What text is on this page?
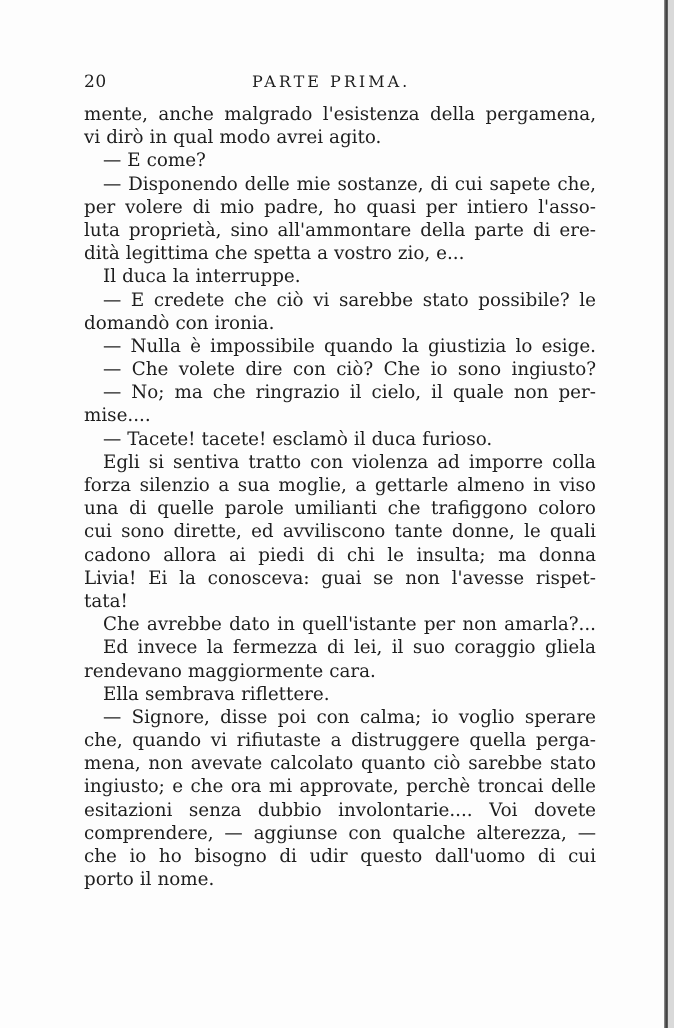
20	PARTE PRIMA.
mente, anche malgrado l'esistenza della pergamena,
vi dirò in qual modo avrei agito.
— E come?
— Disponendo delle mie sostanze, di cui sapete che,
per volere di mio padre, ho quasi per intiero l'asso-
luta proprietà, sino all'ammontare della parte di ere-
dità legittima che spetta a vostro zio, e...
Il duca la interruppe.
— E credete che ciò vi sarebbe stato possibile? le
domandò con ironia.
— Nulla è impossibile quando la giustizia lo esige.
— Che volete dire con ciò? Che io sono ingiusto?
— No; ma che ringrazio il cielo, il quale non per-
mise....
— Tacete! tacete! esclamò il duca furioso.
Egli si sentiva tratto con violenza ad imporre colla
forza silenzio a sua moglie, a gettarle almeno in viso
una di quelle parole umilianti che trafiggono coloro
cui sono dirette, ed avviliscono tante donne, le quali
cadono allora ai piedi di chi le insulta; ma donna
Livia! Ei la conosceva: guai se non l'avesse rispet-
tata!
Che avrebbe dato in quell'istante per non amarla?...
Ed invece la fermezza di lei, il suo coraggio gliela
rendevano maggiormente cara.
Ella sembrava riflettere.
— Signore, disse poi con calma; io voglio sperare
che, quando vi rifiutaste a distruggere quella perga-
mena, non avevate calcolato quanto ciò sarebbe stato
ingiusto; e che ora mi approvate, perchè troncai delle
esitazioni senza dubbio involontarie.... Voi dovete
comprendere, — aggiunse con qualche alterezza, —
che io ho bisogno di udir questo dall'uomo di cui
porto il nome.
